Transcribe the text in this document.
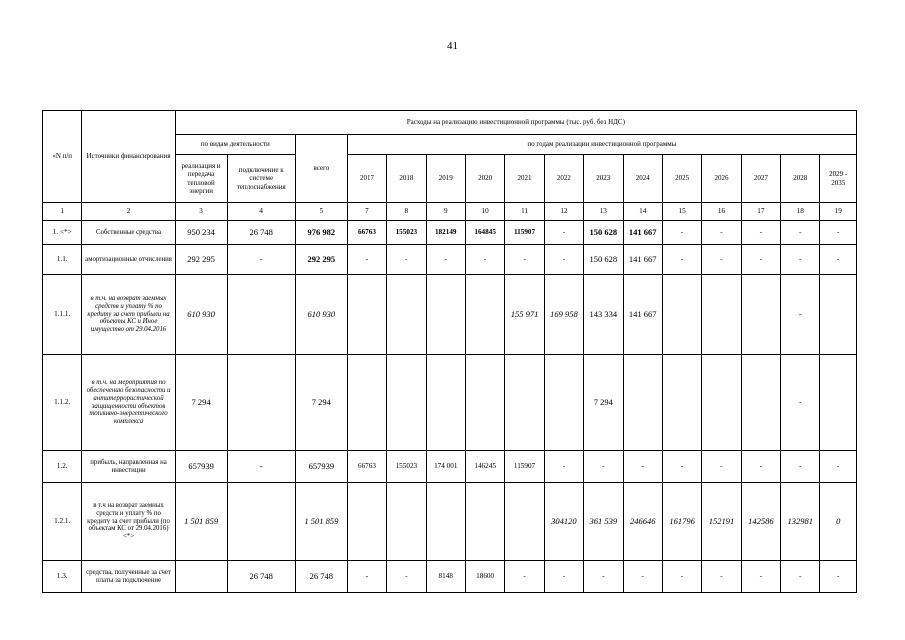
41
«N п/п	Источники финансирования	Расходы на реализацию инвестиционной программы (тыс. руб. без НДС)															
		по видам деятельности		всего	по годам реализации инвестиционной программы												
		реализация и передача тепловой энергии	подключение к системе теплоснабжения		2017	2018	2019	2020	2021	2022	2023	2024	2025	2026	2027	2028	2029 - 2035
1	2	3	4	5	7	8	9	10	11	12	13	14	15	16	17	18	19
1. <*>	Собственные средства	950 234	26 748	976 982	66763	155023	182149	164845	115907	-	150 628	141 667	-	-	-	-	-
1.1.	амортизационные отчисления	292 295	-	292 295	-	-	-	-	-	-	150 628	141 667	-	-	-	-	-
1.1.1.	в т.ч. на возврат заемных средств и уплату % по кредиту за счет прибыли на объекты КС и Иное имущество от 29.04.2016	610 930		610 930					155 971	169 958	143 334	141 667				-	
1.1.2.	в т.ч. на мероприятия по обеспечению безопасности и антитеррористической защищенности объектов топливно-энергетического комплекса	7 294		7 294							7 294					-	
1.2.	прибыль, направленная на инвестиции	657939	-	657939	66763	155023	174 001	146245	115907	-	-	-	-	-	-	-	-
1.2.1.	в т.ч на возврат заемных средств и уплату % по кредиту за счет прибыли (по объектам КС от 29.04.2016) <*>	1 501 859		1 501 859						304120	361 539	246646	161796	152191	142586	132981	0
1.3.	средства, полученные за счет платы за подключение		26 748	26 748	-	-	8148	18600	-	-	-	-	-	-	-	-	-
